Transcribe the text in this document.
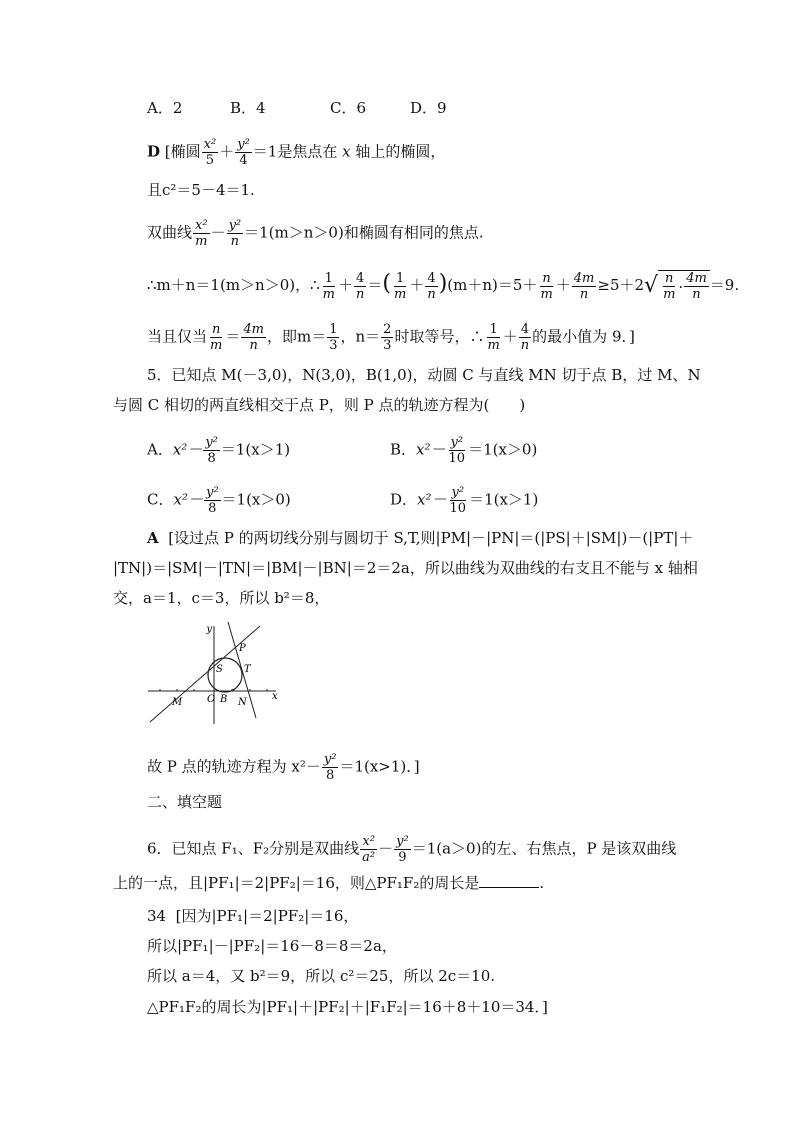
A．2	B．4	C．6	D．9
D [椭圆 $\frac{\text{x²}}{5} + \frac{\text{y²}}{4} =1$是焦点在 x 轴上的椭圆，
且c²＝5－4＝1.
双曲线 $\frac{\text{x²}}{m} - \frac{\text{y²}}{n} =1(m>n>0)$和椭圆有相同的焦点.
∴m＋n＝1(m＞n＞0)，∴ $\frac{1}{m} + \frac{4}{n}$ ＝( $\frac{1}{m} + \frac{4}{n} )(m+n)=5+ \frac{n}{m} + \frac{4m}{n} \ge 5+2$ √ $\frac{n}{m} \cdot \frac{4m}{n} =9$.
当且仅当 $\frac{n}{m} = \frac{4m}{n}$ ，即$m= \frac{1}{3}$ ，$n= \frac{2}{3}$ 时取等号，∴ $\frac{1}{m} + \frac{4}{n}$ 的最小值为 9．]
5．已知点 M(－3,0)，N(3,0)，B(1,0)，动圆 C 与直线 MN 切于点 B，过 M、N
与圆 C 相切的两直线相交于点 P，则 P 点的轨迹方程为(　　)
A．$x^2- \frac{\text{y²}}{8} =1(x>1)$	B．$x^2- \frac{\text{y²}}{10} =1(x>0)$
C．$x^2- \frac{\text{y²}}{8} =1(x>0)$	D．$x^2- \frac{\text{y²}}{10} =1(x>1)$
A [设过点 P 的两切线分别与圆切于 S,T,则|PM|－|PN|＝(|PS|＋|SM|)－(|PT|＋
|TN|)＝|SM|－|TN|＝|BM|－|BN|＝2＝2a，所以曲线为双曲线的右支且不能与 x 轴相
交，a＝1，c＝3，所以 b²＝8，
y
x
P
S T
M O B N
故 P 点的轨迹方程为 $x^2- \frac{\text{y²}}{8} =1(x>1)$．]
二、填空题
6．已知点 F₁、F₂分别是双曲线 $\frac{\text{x²}}{\text{a²}} - \frac{\text{y²}}{9} =1(a>0)$的左、右焦点，P 是该双曲线
上的一点，且|PF₁|＝2|PF₂|＝16，则△PF₁F₂的周长是	.
34 [因为|PF₁|＝2|PF₂|＝16，
所以|PF₁|－|PF₂|＝16－8＝8＝2a，
所以 a＝4，又 b²＝9，所以 c²＝25，所以 2c＝10.
△PF₁F₂的周长为|PF₁|＋|PF₂|＋|F₁F₂|＝16＋8＋10＝34．]
